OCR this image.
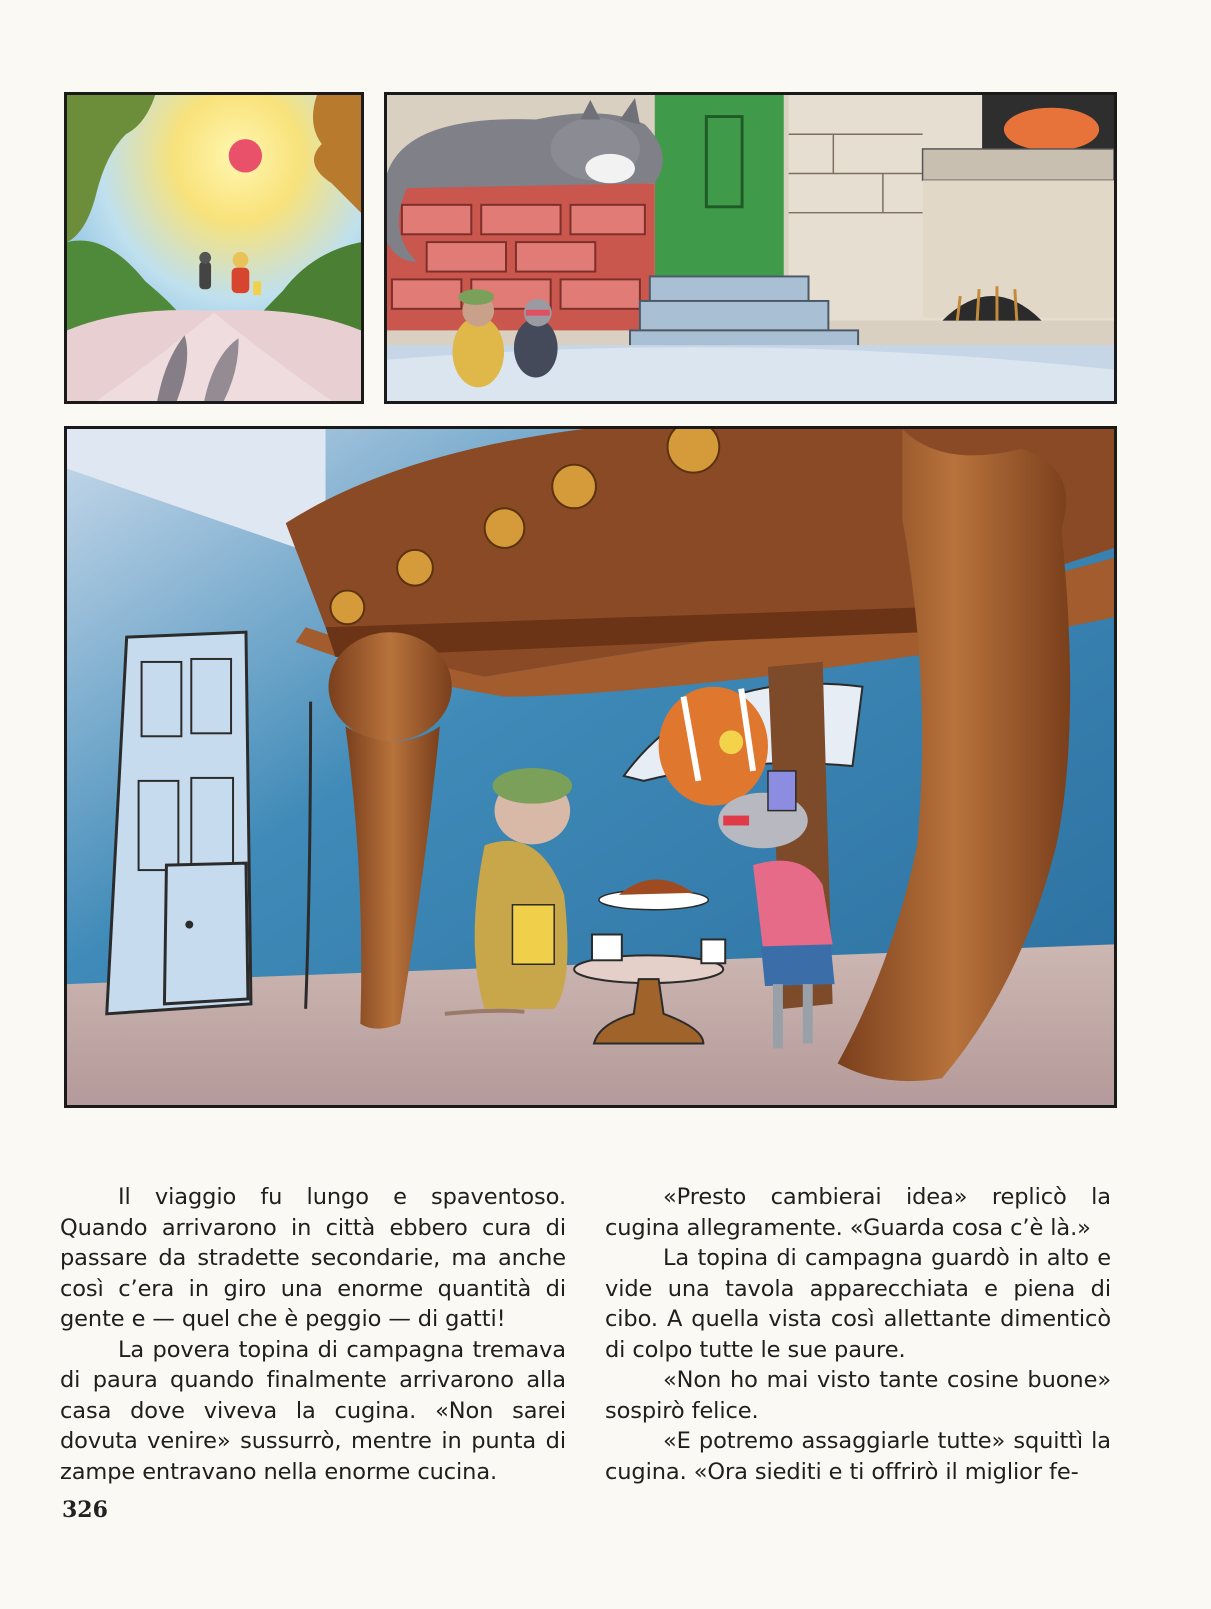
Il viaggio fu lungo e spaventoso. Quando arrivarono in città ebbero cura di passare da stradette secondarie, ma anche così c’era in giro una enorme quantità di gente e — quel che è peggio — di gatti!

La povera topina di campagna tremava di paura quando finalmente arrivarono alla casa dove viveva la cugina. «Non sarei dovuta venire» sussurrò, mentre in punta di zampe entravano nella enorme cucina.

«Presto cambierai idea» replicò la cugina allegramente. «Guarda cosa c’è là.»

La topina di campagna guardò in alto e vide una tavola apparecchiata e piena di cibo. A quella vista così allettante dimenticò di colpo tutte le sue paure.

«Non ho mai visto tante cosine buone» sospirò felice.

«E potremo assaggiarle tutte» squittì la cugina. «Ora siediti e ti offrirò il miglior fe-

326
